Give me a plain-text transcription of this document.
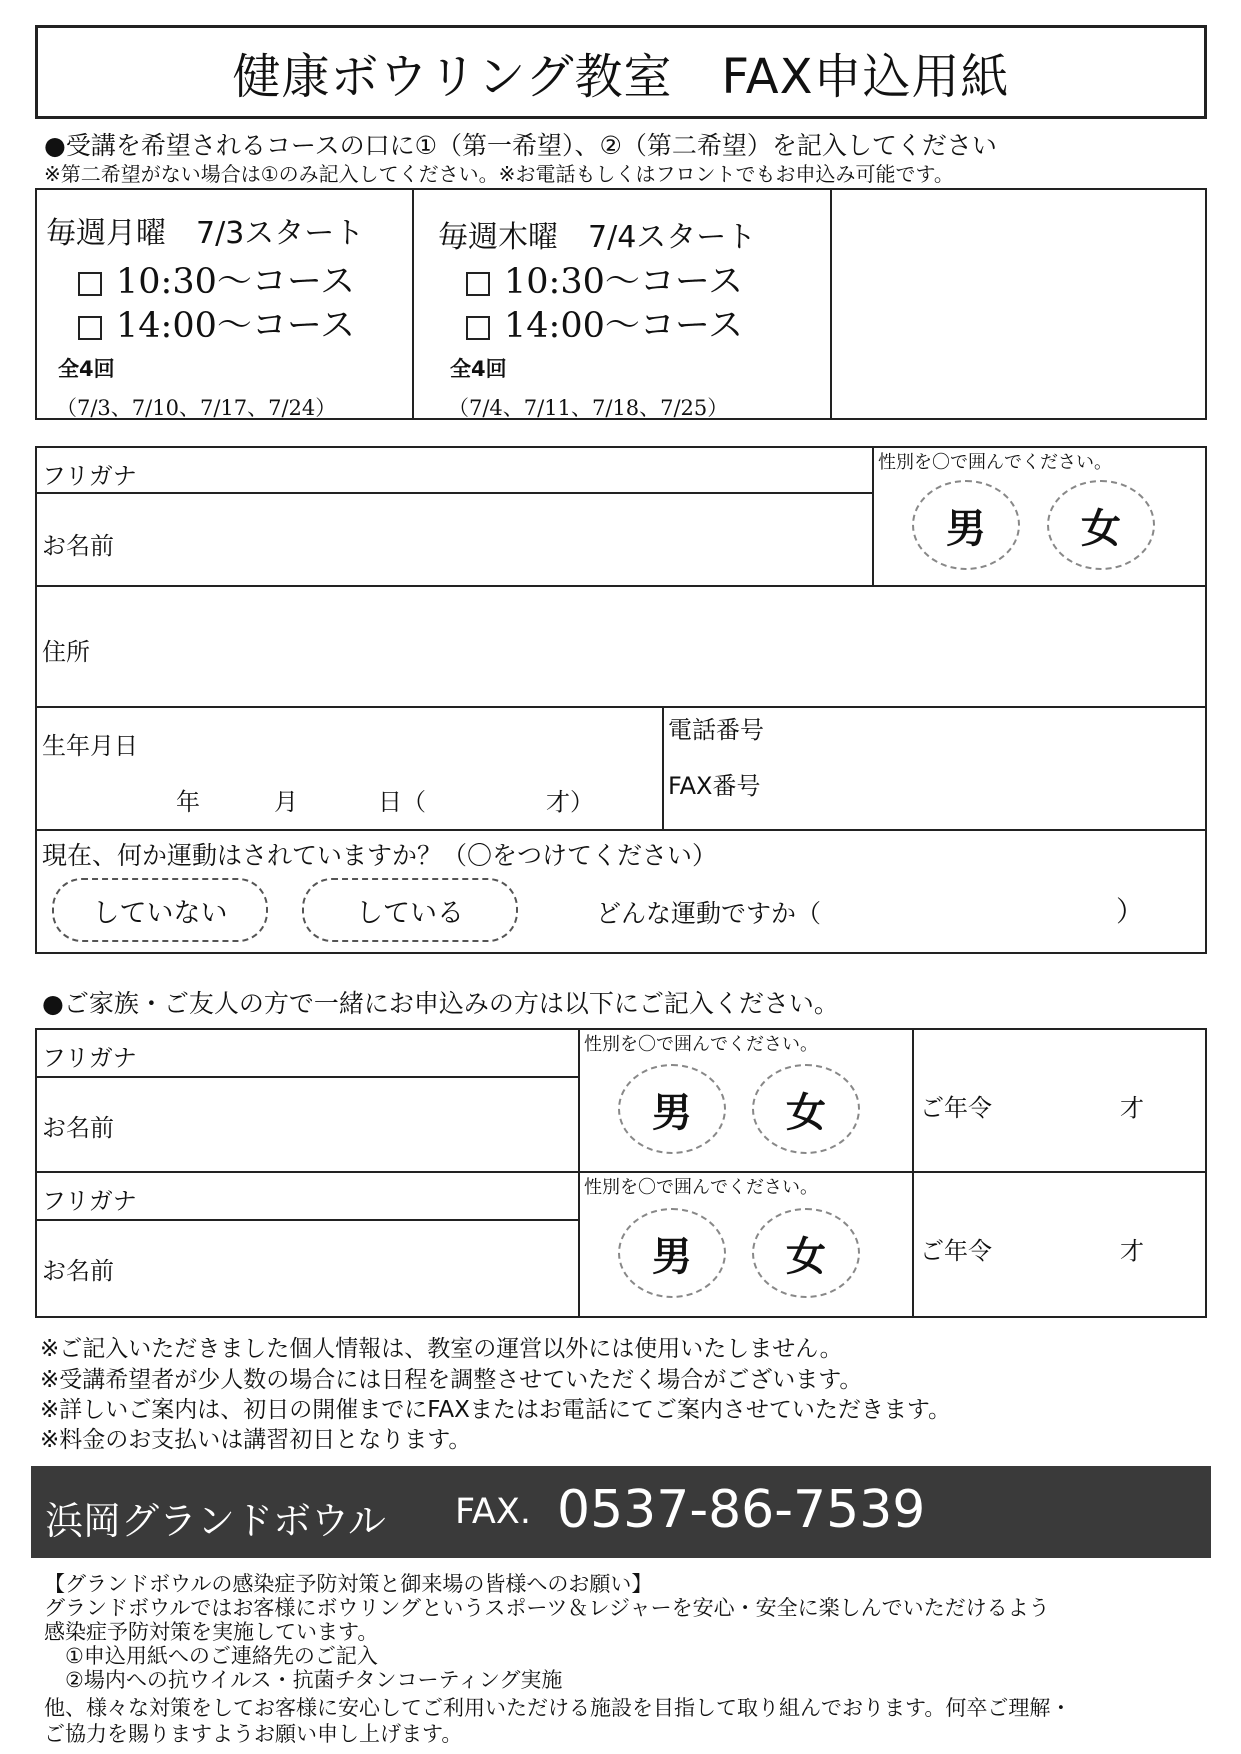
健康ボウリング教室　FAX申込用紙
●受講を希望されるコースの口に①（第一希望）、②（第二希望）を記入してください
※第二希望がない場合は①のみ記入してください。※お電話もしくはフロントでもお申込み可能です。
毎週月曜　7/3スタート
10:30〜コース
14:00〜コース
全4回
（7/3、7/10、7/17、7/24）
毎週木曜　7/4スタート
10:30〜コース
14:00〜コース
全4回
（7/4、7/11、7/18、7/25）
フリガナ
お名前
性別を〇で囲んでください。
男	女
住所
生年月日
年	月	日（	才）
電話番号
FAX番号
現在、何か運動はされていますか？（〇をつけてください）
していない	している	どんな運動ですか（	）
●ご家族・ご友人の方で一緒にお申込みの方は以下にご記入ください。
フリガナ
お名前
性別を〇で囲んでください。
男	女	ご年令	才
フリガナ
お名前
性別を〇で囲んでください。
男	女	ご年令	才
※ご記入いただきました個人情報は、教室の運営以外には使用いたしません。
※受講希望者が少人数の場合には日程を調整させていただく場合がございます。
※詳しいご案内は、初日の開催までにFAXまたはお電話にてご案内させていただきます。
※料金のお支払いは講習初日となります。
浜岡グランドボウル FAX. 0537-86-7539
【グランドボウルの感染症予防対策と御来場の皆様へのお願い】
グランドボウルではお客様にボウリングというスポーツ＆レジャーを安心・安全に楽しんでいただけるよう
感染症予防対策を実施しています。
　①申込用紙へのご連絡先のご記入
　②場内への抗ウイルス・抗菌チタンコーティング実施
他、様々な対策をしてお客様に安心してご利用いただける施設を目指して取り組んでおります。何卒ご理解・
ご協力を賜りますようお願い申し上げます。
